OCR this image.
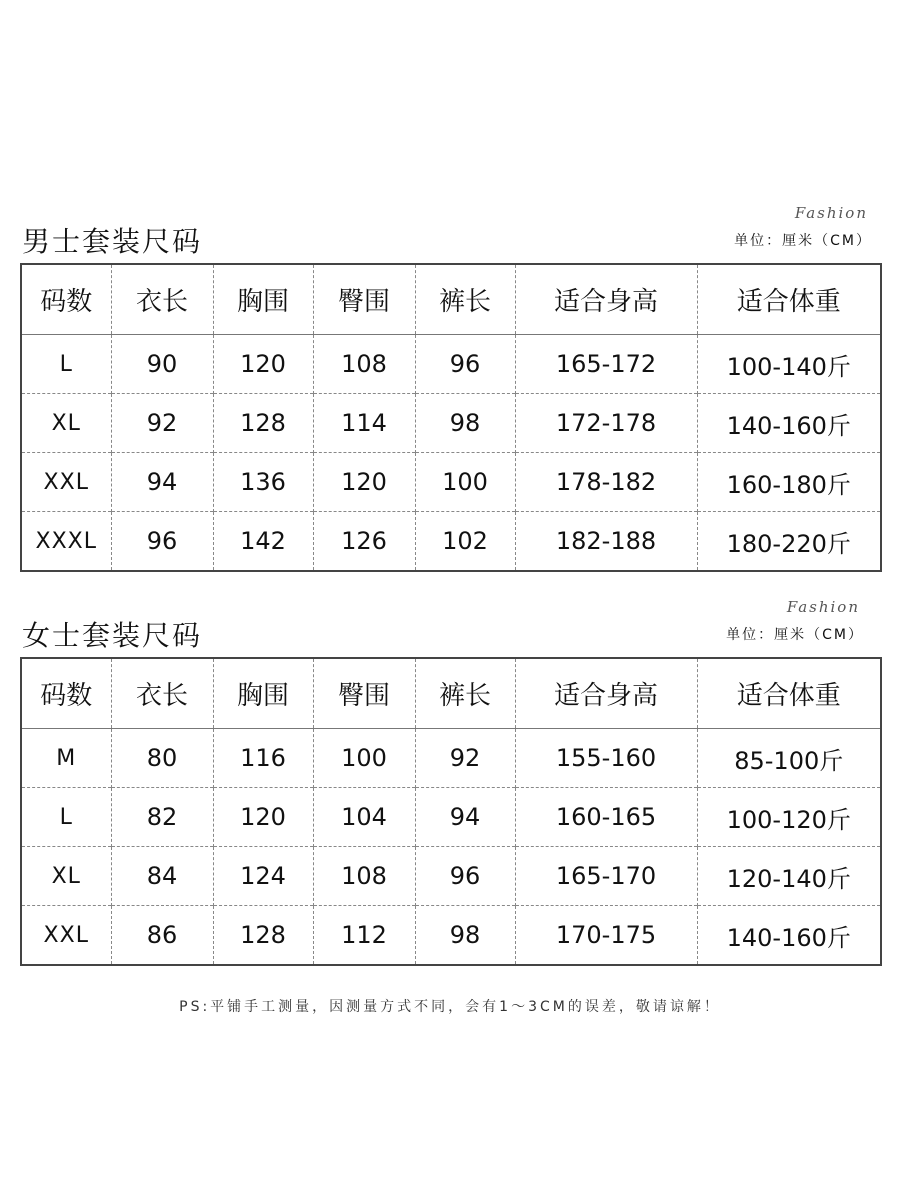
男士套装尺码
Fashion
单位：厘米（CM）
码数	衣长	胸围	臀围	裤长	适合身高	适合体重
L	90	120	108	96	165-172	100-140斤
XL	92	128	114	98	172-178	140-160斤
XXL	94	136	120	100	178-182	160-180斤
XXXL	96	142	126	102	182-188	180-220斤
女士套装尺码
Fashion
单位：厘米（CM）
码数	衣长	胸围	臀围	裤长	适合身高	适合体重
M	80	116	100	92	155-160	85-100斤
L	82	120	104	94	160-165	100-120斤
XL	84	124	108	96	165-170	120-140斤
XXL	86	128	112	98	170-175	140-160斤
PS:平铺手工测量，因测量方式不同，会有1～3CM的误差，敬请谅解！
